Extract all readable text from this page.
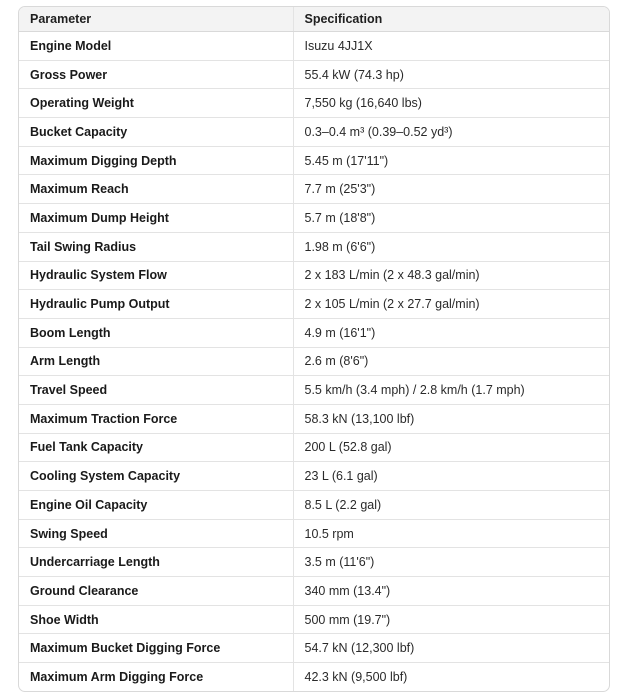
Parameter	Specification
Engine Model	Isuzu 4JJ1X
Gross Power	55.4 kW (74.3 hp)
Operating Weight	7,550 kg (16,640 lbs)
Bucket Capacity	0.3–0.4 m³ (0.39–0.52 yd³)
Maximum Digging Depth	5.45 m (17'11")
Maximum Reach	7.7 m (25'3")
Maximum Dump Height	5.7 m (18'8")
Tail Swing Radius	1.98 m (6'6")
Hydraulic System Flow	2 x 183 L/min (2 x 48.3 gal/min)
Hydraulic Pump Output	2 x 105 L/min (2 x 27.7 gal/min)
Boom Length	4.9 m (16'1")
Arm Length	2.6 m (8'6")
Travel Speed	5.5 km/h (3.4 mph) / 2.8 km/h (1.7 mph)
Maximum Traction Force	58.3 kN (13,100 lbf)
Fuel Tank Capacity	200 L (52.8 gal)
Cooling System Capacity	23 L (6.1 gal)
Engine Oil Capacity	8.5 L (2.2 gal)
Swing Speed	10.5 rpm
Undercarriage Length	3.5 m (11'6")
Ground Clearance	340 mm (13.4")
Shoe Width	500 mm (19.7")
Maximum Bucket Digging Force	54.7 kN (12,300 lbf)
Maximum Arm Digging Force	42.3 kN (9,500 lbf)
